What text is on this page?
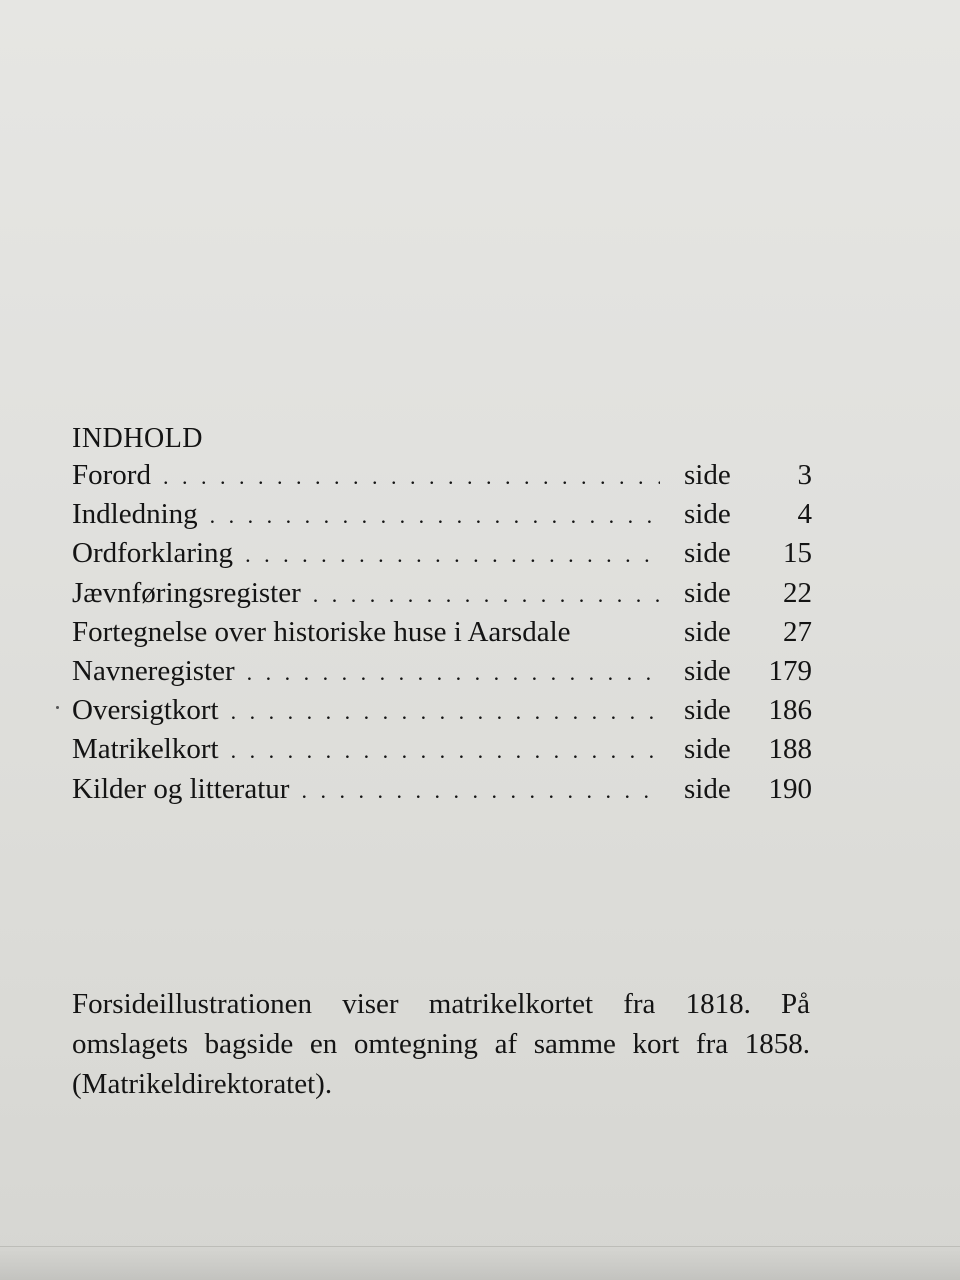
INDHOLD
Forord . . .	side	3
Indledning . . .	side	4
Ordforklaring . . .	side	15
Jævnføringsregister . . .	side	22
Fortegnelse over historiske huse i Aarsdale	side	27
Navneregister . . .	side	179
Oversigtkort . . .	side	186
Matrikelkort . . .	side	188
Kilder og litteratur . . .	side	190

Forsideillustrationen viser matrikelkortet fra 1818. På omslagets bagside en omtegning af samme kort fra 1858. (Matrikeldirektoratet).
